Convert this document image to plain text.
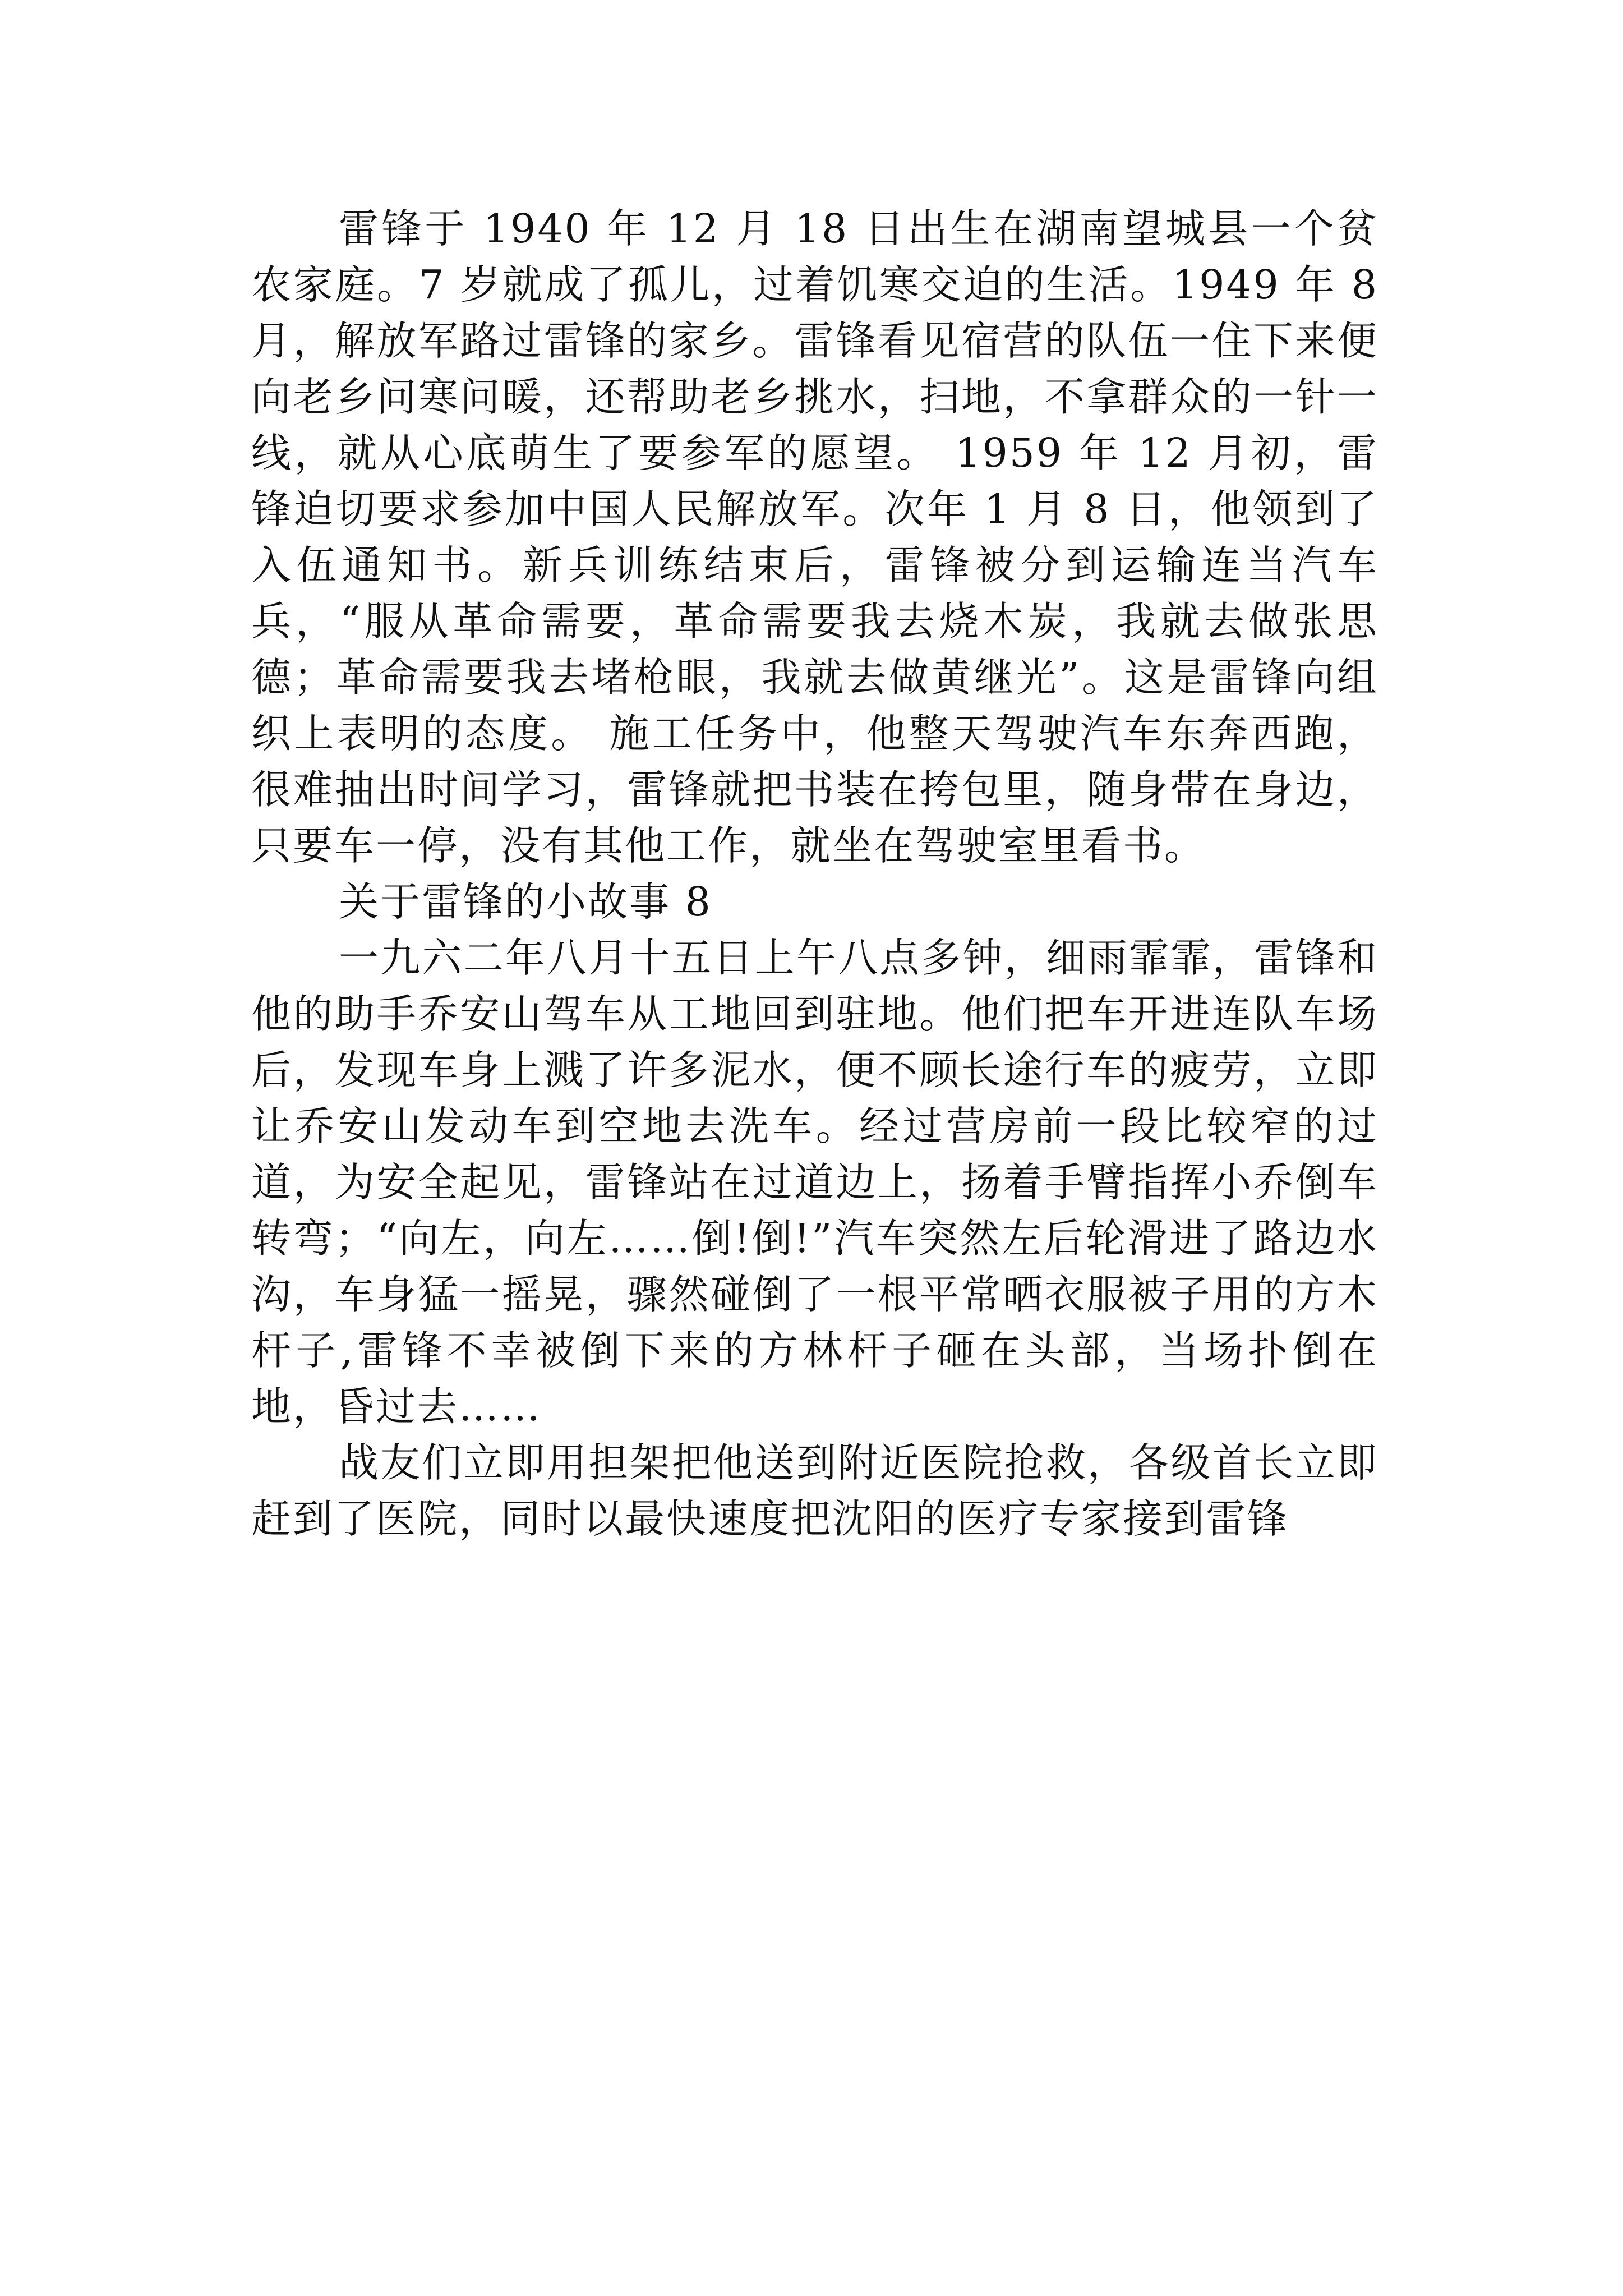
雷锋于 1940 年 12 月 18 日出生在湖南望城县一个贫农家庭。7 岁就成了孤儿，过着饥寒交迫的生活。1949 年 8 月，解放军路过雷锋的家乡。雷锋看见宿营的队伍一住下来便向老乡问寒问暖，还帮助老乡挑水，扫地，不拿群众的一针一线，就从心底萌生了要参军的愿望。 1959 年 12 月初，雷锋迫切要求参加中国人民解放军。次年 1 月 8 日，他领到了入伍通知书。新兵训练结束后，雷锋被分到运输连当汽车兵，“服从革命需要，革命需要我去烧木炭，我就去做张思德；革命需要我去堵枪眼，我就去做黄继光”。这是雷锋向组织上表明的态度。 施工任务中，他整天驾驶汽车东奔西跑，很难抽出时间学习，雷锋就把书装在挎包里，随身带在身边，只要车一停，没有其他工作，就坐在驾驶室里看书。

关于雷锋的小故事 8

一九六二年八月十五日上午八点多钟，细雨霏霏，雷锋和他的助手乔安山驾车从工地回到驻地。他们把车开进连队车场后，发现车身上溅了许多泥水，便不顾长途行车的疲劳，立即让乔安山发动车到空地去洗车。经过营房前一段比较窄的过道，为安全起见，雷锋站在过道边上，扬着手臂指挥小乔倒车转弯；“向左，向左……倒!倒!”汽车突然左后轮滑进了路边水沟，车身猛一摇晃，骤然碰倒了一根平常晒衣服被子用的方木杆子,雷锋不幸被倒下来的方林杆子砸在头部，当场扑倒在地，昏过去……

战友们立即用担架把他送到附近医院抢救，各级首长立即赶到了医院，同时以最快速度把沈阳的医疗专家接到雷锋
